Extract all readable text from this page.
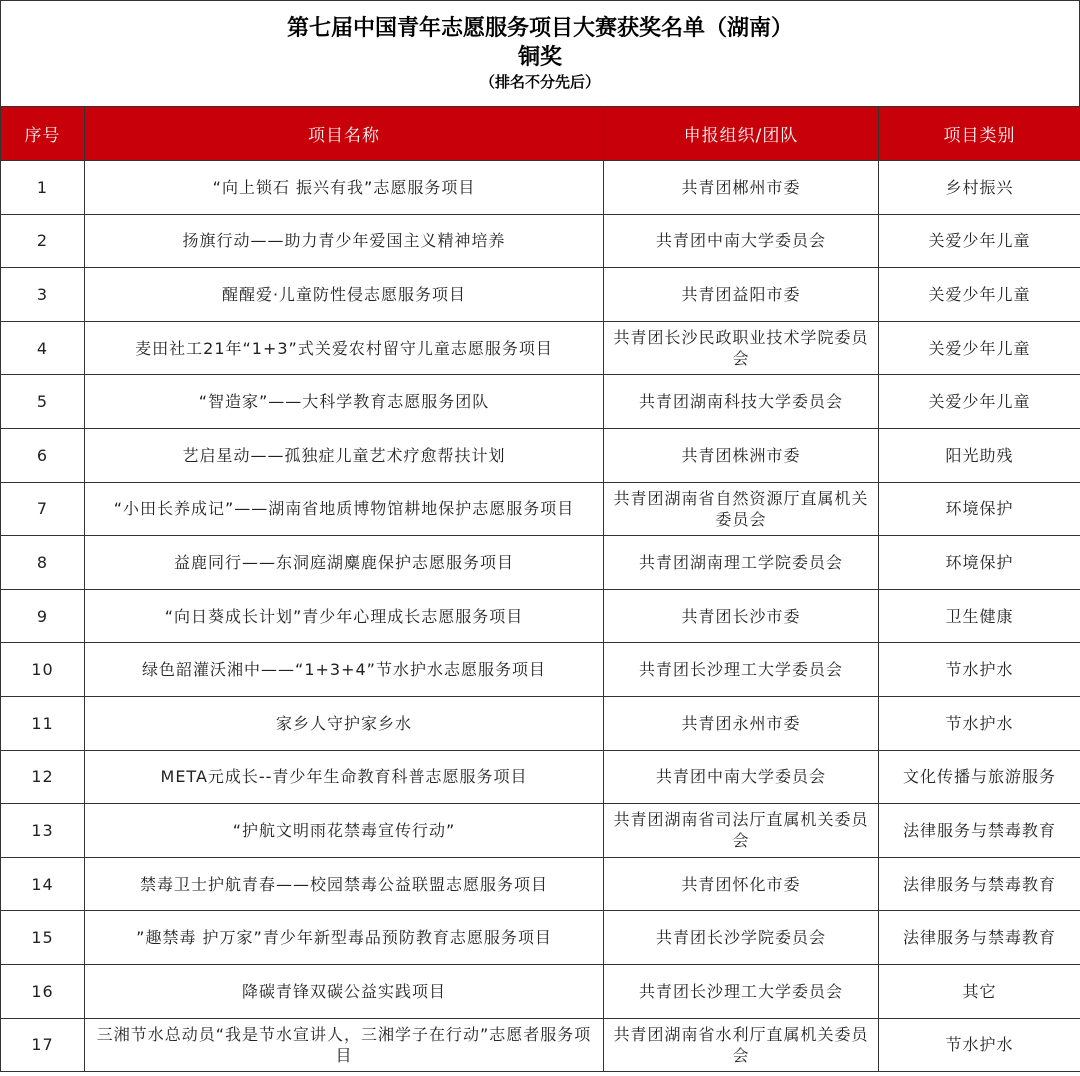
第七届中国青年志愿服务项目大赛获奖名单（湖南）
铜奖
（排名不分先后）
序号	项目名称	申报组织/团队	项目类别
1	“向上锁石 振兴有我”志愿服务项目	共青团郴州市委	乡村振兴
2	扬旗行动——助力青少年爱国主义精神培养	共青团中南大学委员会	关爱少年儿童
3	醒醒爱·儿童防性侵志愿服务项目	共青团益阳市委	关爱少年儿童
4	麦田社工21年“1+3”式关爱农村留守儿童志愿服务项目	共青团长沙民政职业技术学院委员会	关爱少年儿童
5	“智造家”——大科学教育志愿服务团队	共青团湖南科技大学委员会	关爱少年儿童
6	艺启星动——孤独症儿童艺术疗愈帮扶计划	共青团株洲市委	阳光助残
7	“小田长养成记”——湖南省地质博物馆耕地保护志愿服务项目	共青团湖南省自然资源厅直属机关委员会	环境保护
8	益鹿同行——东洞庭湖麋鹿保护志愿服务项目	共青团湖南理工学院委员会	环境保护
9	“向日葵成长计划”青少年心理成长志愿服务项目	共青团长沙市委	卫生健康
10	绿色韶灌沃湘中——“1+3+4”节水护水志愿服务项目	共青团长沙理工大学委员会	节水护水
11	家乡人守护家乡水	共青团永州市委	节水护水
12	META元成长--青少年生命教育科普志愿服务项目	共青团中南大学委员会	文化传播与旅游服务
13	“护航文明雨花禁毒宣传行动”	共青团湖南省司法厅直属机关委员会	法律服务与禁毒教育
14	禁毒卫士护航青春——校园禁毒公益联盟志愿服务项目	共青团怀化市委	法律服务与禁毒教育
15	”趣禁毒 护万家”青少年新型毒品预防教育志愿服务项目	共青团长沙学院委员会	法律服务与禁毒教育
16	降碳青锋双碳公益实践项目	共青团长沙理工大学委员会	其它
17	三湘节水总动员“我是节水宣讲人，三湘学子在行动”志愿者服务项目	共青团湖南省水利厅直属机关委员会	节水护水
